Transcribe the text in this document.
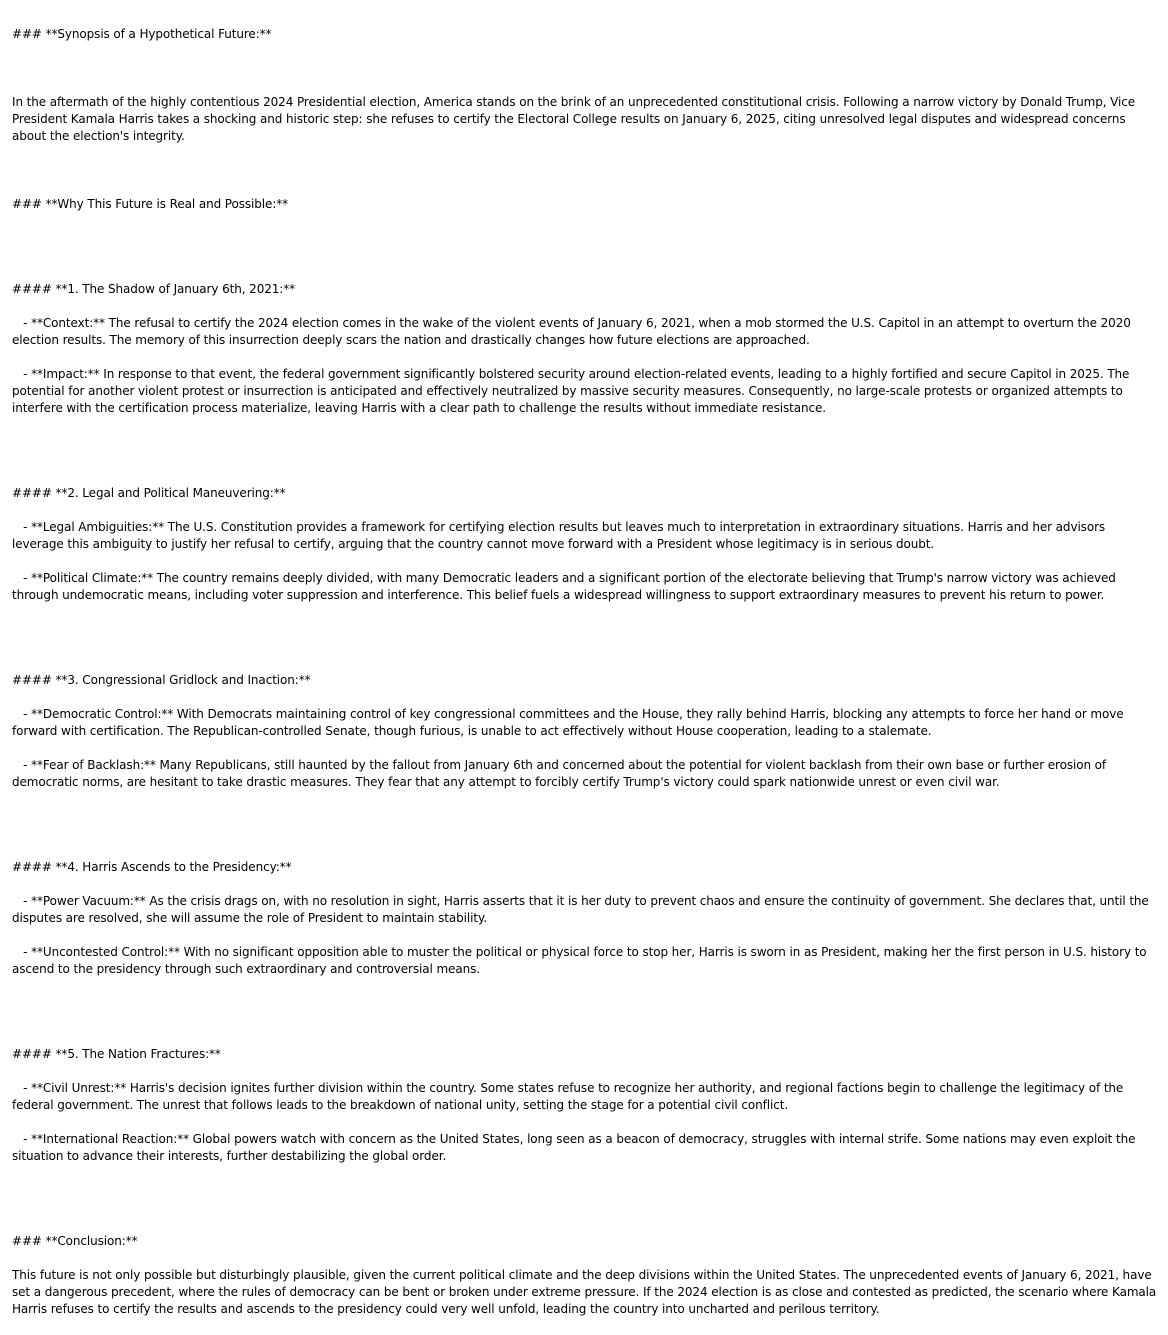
### **Synopsis of a Hypothetical Future:**

In the aftermath of the highly contentious 2024 Presidential election, America stands on the brink of an unprecedented constitutional crisis. Following a narrow victory by Donald Trump, Vice President Kamala Harris takes a shocking and historic step: she refuses to certify the Electoral College results on January 6, 2025, citing unresolved legal disputes and widespread concerns about the election's integrity.

### **Why This Future is Real and Possible:**

#### **1. The Shadow of January 6th, 2021:**

- **Context:** The refusal to certify the 2024 election comes in the wake of the violent events of January 6, 2021, when a mob stormed the U.S. Capitol in an attempt to overturn the 2020 election results. The memory of this insurrection deeply scars the nation and drastically changes how future elections are approached.

- **Impact:** In response to that event, the federal government significantly bolstered security around election-related events, leading to a highly fortified and secure Capitol in 2025. The potential for another violent protest or insurrection is anticipated and effectively neutralized by massive security measures. Consequently, no large-scale protests or organized attempts to interfere with the certification process materialize, leaving Harris with a clear path to challenge the results without immediate resistance.

#### **2. Legal and Political Maneuvering:**

- **Legal Ambiguities:** The U.S. Constitution provides a framework for certifying election results but leaves much to interpretation in extraordinary situations. Harris and her advisors leverage this ambiguity to justify her refusal to certify, arguing that the country cannot move forward with a President whose legitimacy is in serious doubt.

- **Political Climate:** The country remains deeply divided, with many Democratic leaders and a significant portion of the electorate believing that Trump's narrow victory was achieved through undemocratic means, including voter suppression and interference. This belief fuels a widespread willingness to support extraordinary measures to prevent his return to power.

#### **3. Congressional Gridlock and Inaction:**

- **Democratic Control:** With Democrats maintaining control of key congressional committees and the House, they rally behind Harris, blocking any attempts to force her hand or move forward with certification. The Republican-controlled Senate, though furious, is unable to act effectively without House cooperation, leading to a stalemate.

- **Fear of Backlash:** Many Republicans, still haunted by the fallout from January 6th and concerned about the potential for violent backlash from their own base or further erosion of democratic norms, are hesitant to take drastic measures. They fear that any attempt to forcibly certify Trump's victory could spark nationwide unrest or even civil war.

#### **4. Harris Ascends to the Presidency:**

- **Power Vacuum:** As the crisis drags on, with no resolution in sight, Harris asserts that it is her duty to prevent chaos and ensure the continuity of government. She declares that, until the disputes are resolved, she will assume the role of President to maintain stability.

- **Uncontested Control:** With no significant opposition able to muster the political or physical force to stop her, Harris is sworn in as President, making her the first person in U.S. history to ascend to the presidency through such extraordinary and controversial means.

#### **5. The Nation Fractures:**

- **Civil Unrest:** Harris's decision ignites further division within the country. Some states refuse to recognize her authority, and regional factions begin to challenge the legitimacy of the federal government. The unrest that follows leads to the breakdown of national unity, setting the stage for a potential civil conflict.

- **International Reaction:** Global powers watch with concern as the United States, long seen as a beacon of democracy, struggles with internal strife. Some nations may even exploit the situation to advance their interests, further destabilizing the global order.

### **Conclusion:**

This future is not only possible but disturbingly plausible, given the current political climate and the deep divisions within the United States. The unprecedented events of January 6, 2021, have set a dangerous precedent, where the rules of democracy can be bent or broken under extreme pressure. If the 2024 election is as close and contested as predicted, the scenario where Kamala Harris refuses to certify the results and ascends to the presidency could very well unfold, leading the country into uncharted and perilous territory.
